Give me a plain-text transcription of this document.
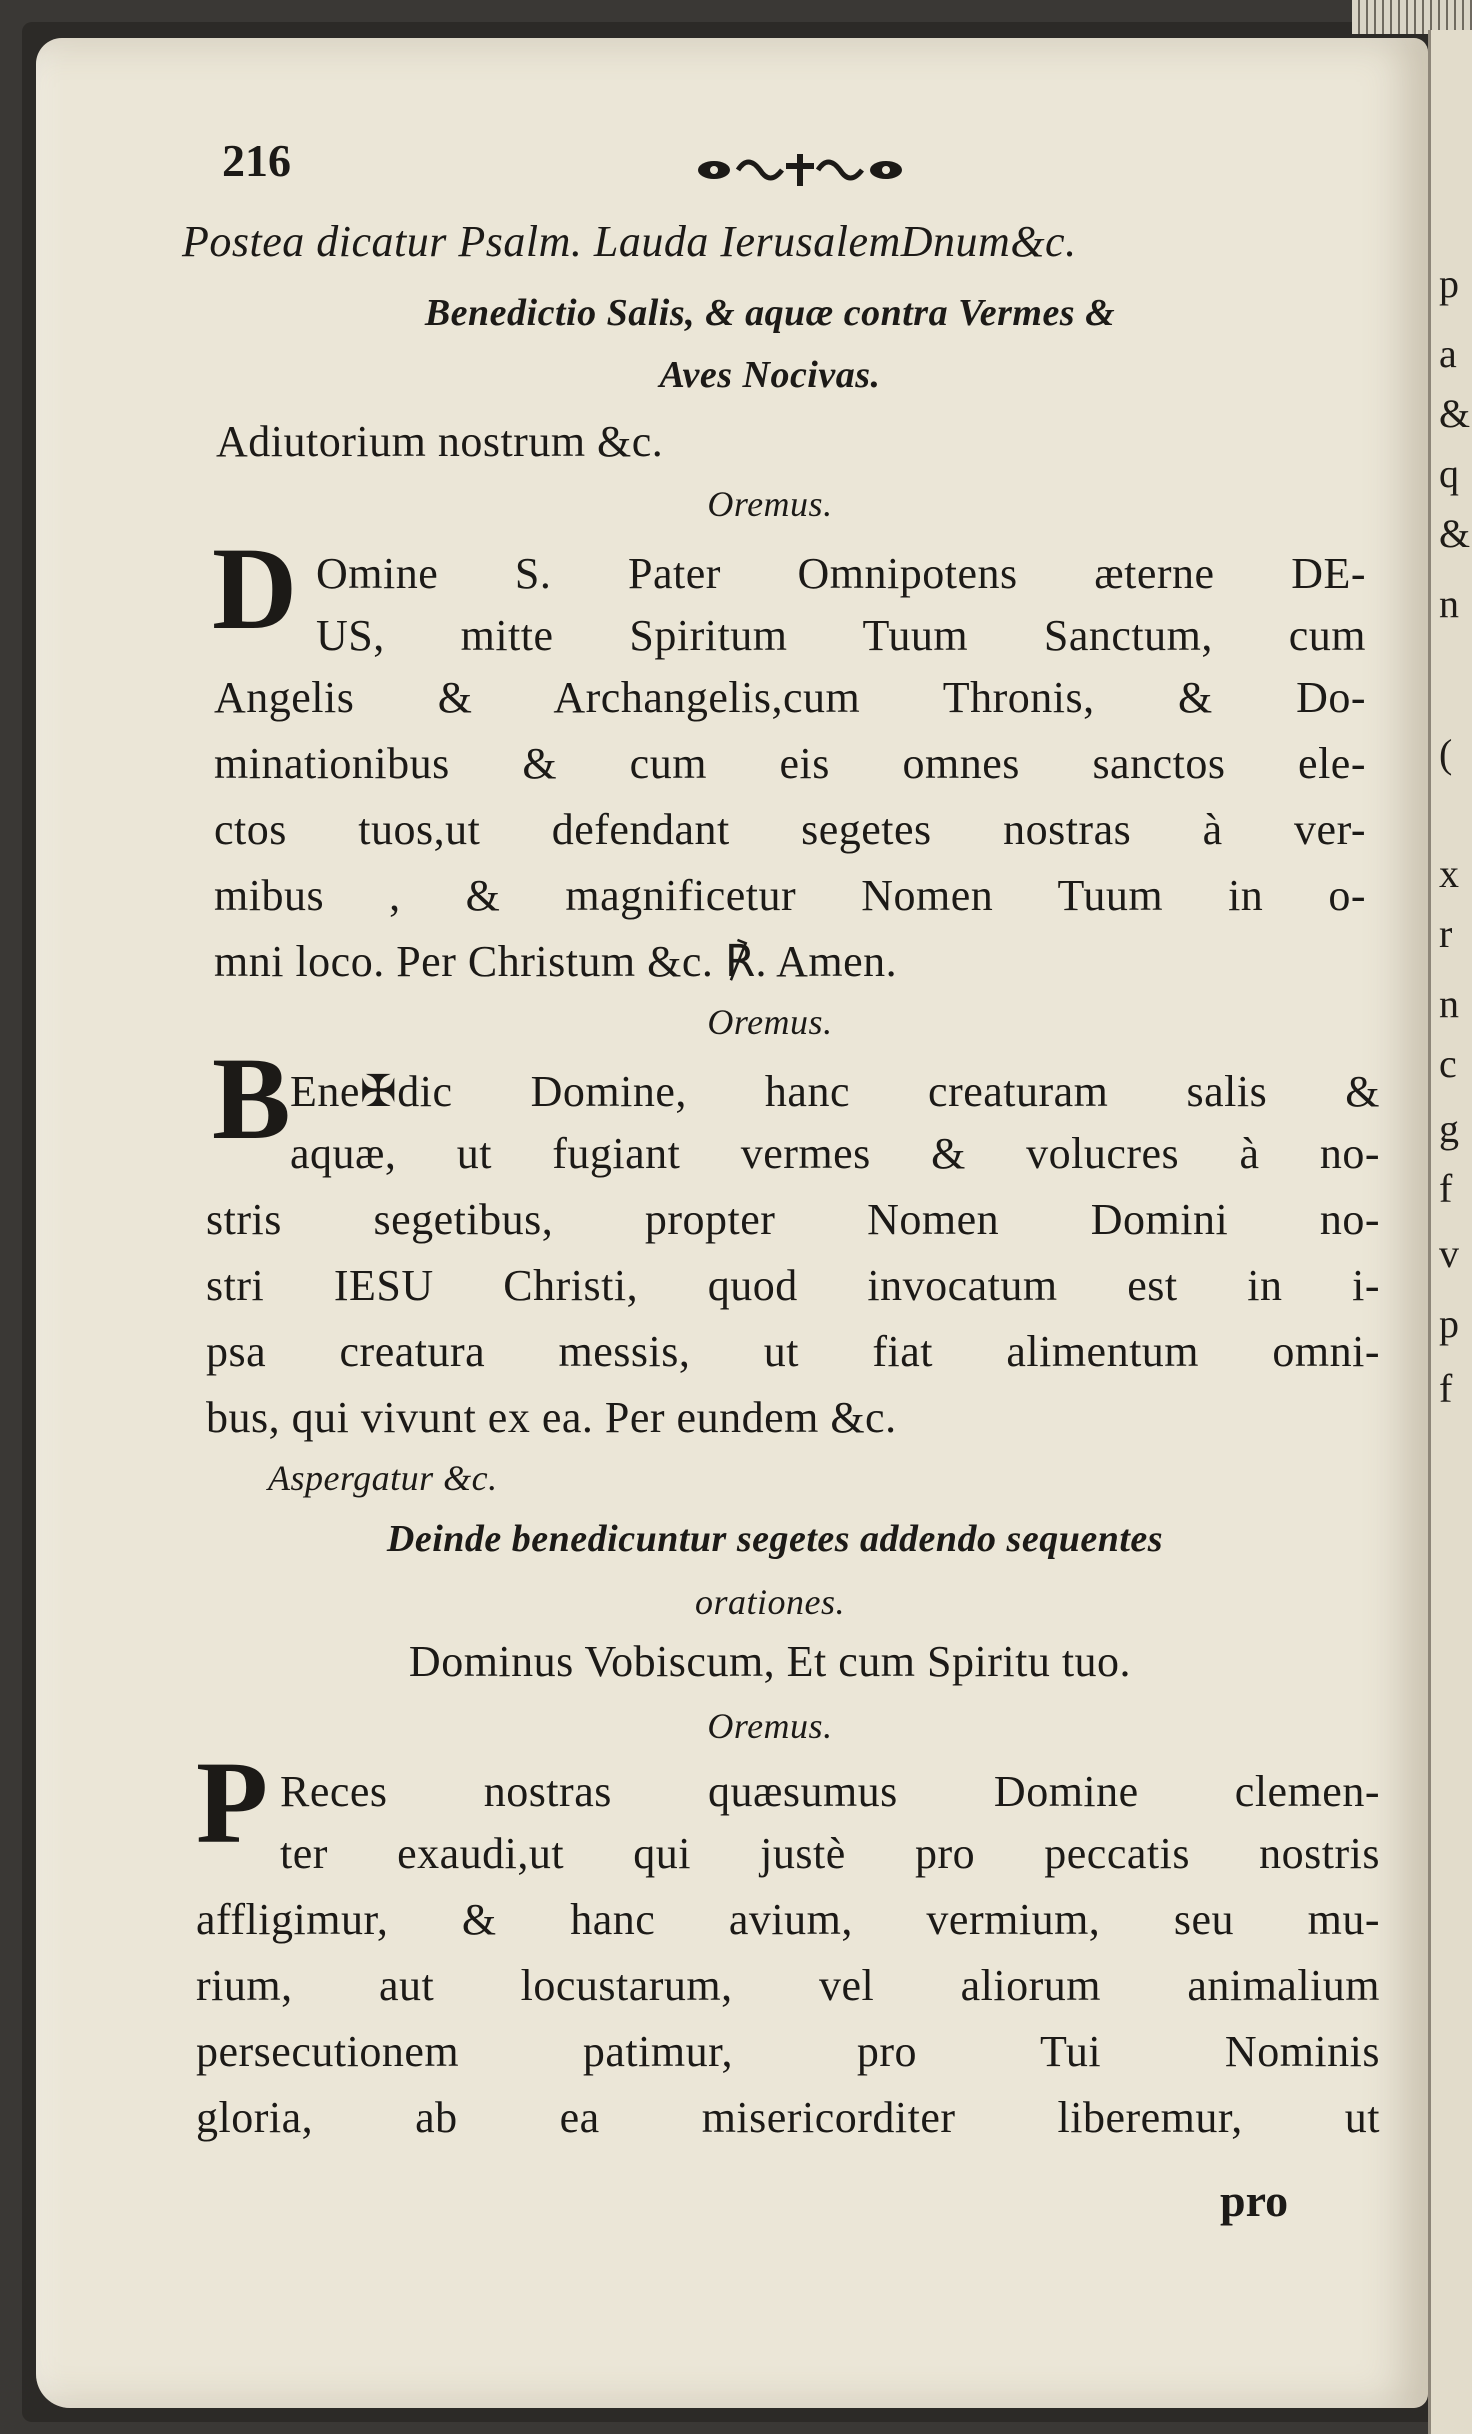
p
a
&
q
&
n
(
x
r
n
c
g
f
v
p
f
216
Postea dicatur Psalm. Lauda IerusalemDnum&c.
Benedictio Salis, & aquæ contra Vermes &
Aves Nocivas.
Adiutorium nostrum &c.
Oremus.
D Omine S. Pater Omnipotens æterne DE-
US, mitte Spiritum Tuum Sanctum, cum
Angelis & Archangelis,cum Thronis, & Do-
minationibus & cum eis omnes sanctos ele-
ctos tuos,ut defendant segetes nostras à ver-
mibus , & magnificetur Nomen Tuum in o-
mni loco. Per Christum &c. ℟. Amen.
Oremus.
B Ene✠dic Domine, hanc creaturam salis &
aquæ, ut fugiant vermes & volucres à no-
stris segetibus, propter Nomen Domini no-
stri IESU Christi, quod invocatum est in i-
psa creatura messis, ut fiat alimentum omni-
bus, qui vivunt ex ea. Per eundem &c.
Aspergatur &c.
Deinde benedicuntur segetes addendo sequentes
orationes.
Dominus Vobiscum, Et cum Spiritu tuo.
Oremus.
P Reces nostras quæsumus Domine clemen-
ter exaudi,ut qui justè pro peccatis nostris
affligimur, & hanc avium, vermium, seu mu-
rium, aut locustarum, vel aliorum animalium
persecutionem patimur, pro Tui Nominis
gloria, ab ea misericorditer liberemur, ut
pro
